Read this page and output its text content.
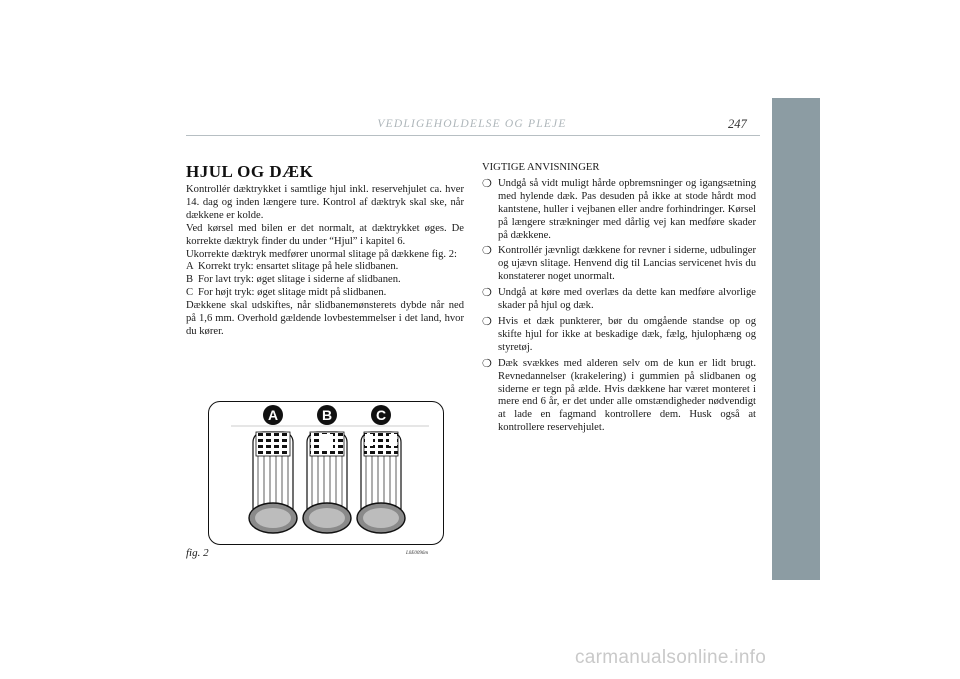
VEDLIGEHOLDELSE OG PLEJE	247
HJUL OG DÆK

Kontrollér dæktrykket i samtlige hjul inkl. reservehjulet ca. hver 14. dag og inden længere ture. Kontrol af dæktryk skal ske, når dækkene er kolde.

Ved kørsel med bilen er det normalt, at dæktrykket øges. De korrekte dæktryk finder du under “Hjul” i kapitel 6.

Ukorrekte dæktryk medfører unormal slitage på dækkene fig. 2:

A Korrekt tryk: ensartet slitage på hele slidbanen.
B For lavt tryk: øget slitage i siderne af slidbanen.
C For højt tryk: øget slitage midt på slidbanen.

Dækkene skal udskiftes, når slidbanemønsterets dybde når ned på 1,6 mm. Overhold gældende lovbestemmelser i det land, hvor du kører.

VIGTIGE ANVISNINGER
❍ Undgå så vidt muligt hårde opbremsninger og igangsætning med hylende dæk. Pas desuden på ikke at stode hårdt mod kantstene, huller i vejbanen eller andre forhindringer. Kørsel på længere strækninger med dårlig vej kan medføre skader på dækkene.
❍ Kontrollér jævnligt dækkene for revner i siderne, udbulinger og ujævn slitage. Henvend dig til Lancias servicenet hvis du konstaterer noget unormalt.
❍ Undgå at køre med overlæs da dette kan medføre alvorlige skader på hjul og dæk.
❍ Hvis et dæk punkterer, bør du omgående standse op og skifte hjul for ikke at beskadige dæk, fælg, hjulophæng og styretøj.
❍ Dæk svækkes med alderen selv om de kun er lidt brugt. Revnedannelser (krakelering) i gummien på slidbanen og siderne er tegn på ælde. Hvis dækkene har været monteret i mere end 6 år, er det under alle omstændigheder nødvendigt at lade en fagmand kontrollere dem. Husk også at kontrollere reservehjulet.
A	B	C
fig. 2	L0E0096m
carmanualsonline.info
